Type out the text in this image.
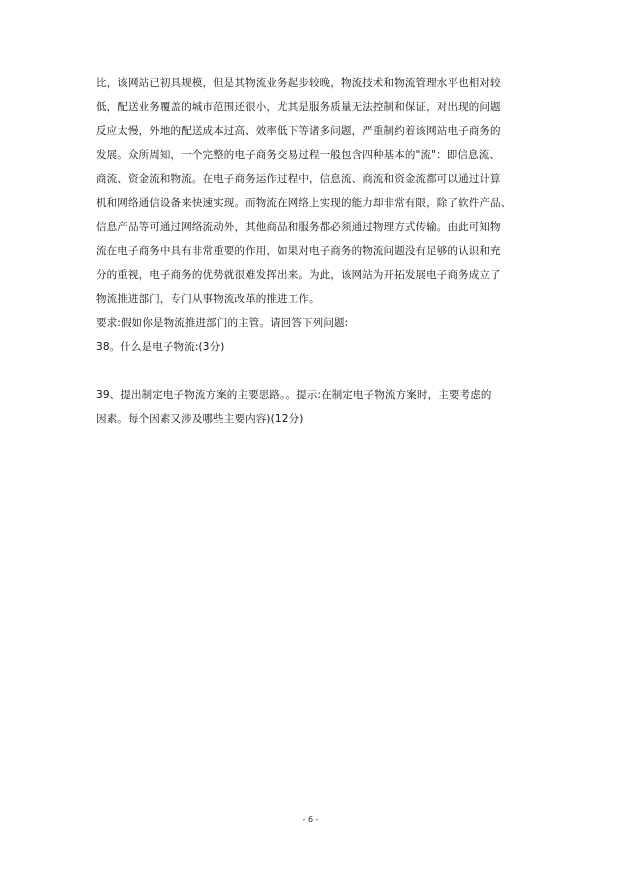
比，该网站已初具规模，但是其物流业务起步较晚，物流技术和物流管理水平也相对较
低，配送业务覆盖的城市范围还很小，尤其是服务质量无法控制和保证，对出现的问题
反应太慢，外地的配送成本过高、效率低下等诸多问题，严重制约着该网站电子商务的
发展。众所周知，一个完整的电子商务交易过程一般包含四种基本的"流"：即信息流、
商流、资金流和物流。在电子商务运作过程中，信息流、商流和资金流都可以通过计算
机和网络通信设备来快速实现。而物流在网络上实现的能力却非常有限，除了软件产品、
信息产品等可通过网络流动外，其他商品和服务都必须通过物理方式传输。由此可知物
流在电子商务中具有非常重要的作用，如果对电子商务的物流问题没有足够的认识和充
分的重视，电子商务的优势就很难发挥出来。为此，该网站为开拓发展电子商务成立了
物流推进部门，专门从事物流改革的推进工作。
要求:假如你是物流推进部门的主管。请回答下列问题:
38。什么是电子物流:(3分)
39、提出制定电子物流方案的主要思路。。提示:在制定电子物流方案时，主要考虑的
因素。每个因素又涉及哪些主要内容)(12分)
- 6 -
